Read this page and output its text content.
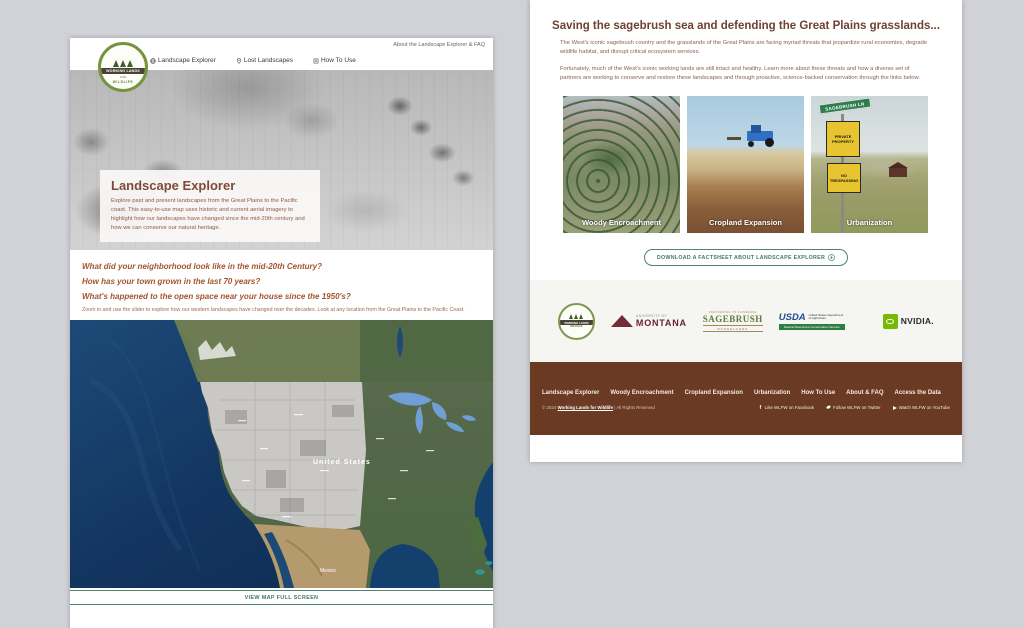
About the Landscape Explorer & FAQ
WORKING LANDS
· FOR ·
WILDLIFE
Landscape Explorer	Lost Landscapes	How To Use
Landscape Explorer

Explore past and present landscapes from the Great Plains to the Pacific coast. This easy-to-use map uses historic and current aerial imagery to highlight how our landscapes have changed since the mid-20th century and how we can conserve our natural heritage.

What did your neighborhood look like in the mid-20th Century?
How has your town grown in the last 70 years?
What's happened to the open space near your house since the 1950's?
Zoom in and use the slider to explore how our western landscapes have changed over the decades. Look at any location from the Great Plains to the Pacific Coast.
United States
Mexico
VIEW MAP FULL SCREEN
Saving the sagebrush sea and defending the Great Plains grasslands...

The West's iconic sagebrush country and the grasslands of the Great Plains are facing myriad threats that jeopardize rural economies, degrade wildlife habitat, and disrupt critical ecosystem services.

Fortunately, much of the West's iconic working lands are still intact and healthy. Learn more about these threats and how a diverse set of partners are working to conserve and restore these landscapes and through proactive, science-backed conservation through the links below.

Woody Encroachment	Cropland Expansion
SAGEBRUSH LN
PRIVATE PROPERTY
NO TRESPASSING
Urbanization
DOWNLOAD A FACTSHEET ABOUT LANDSCAPE EXPLORER
WORKING LANDS
WILDLIFE
UNIVERSITY OF
MONTANA
PARTNERING TO CONSERVE
SAGEBRUSH
RANGELANDS
USDA United States Department of Agriculture
Natural Resources Conservation Service
NVIDIA.
Landscape Explorer Woody Encroachment Cropland Expansion Urbanization How To Use About & FAQ Access the Data
© 2024 Working Lands for Wildlife | All Rights Reserved	f Like WLFW on Facebook	Follow WLFW on Twitter	Watch WLFW on YouTube
